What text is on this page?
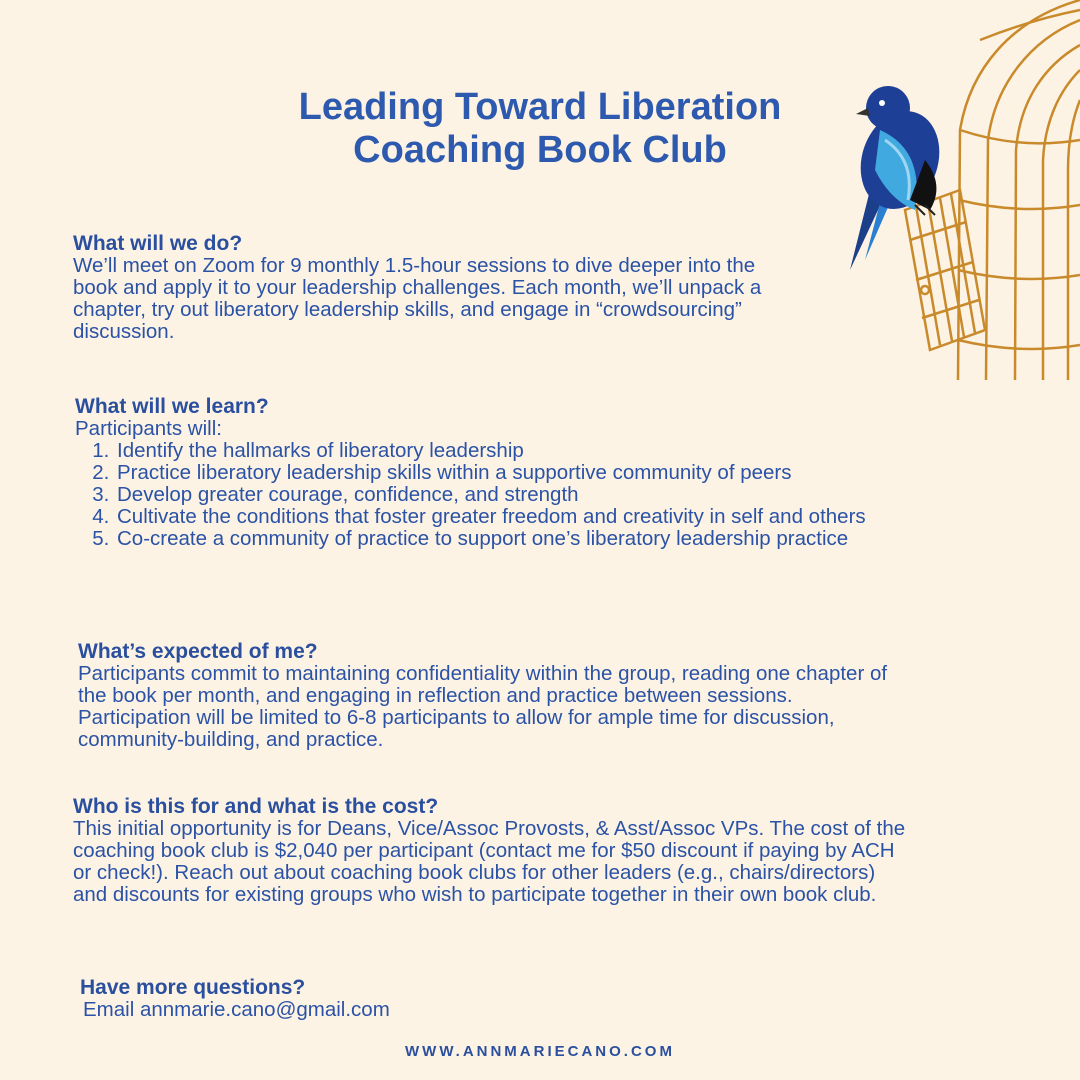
Leading Toward Liberation
Coaching Book Club
What will we do?

We’ll meet on Zoom for 9 monthly 1.5-hour sessions to dive deeper into the book and apply it to your leadership challenges. Each month, we’ll unpack a chapter, try out liberatory leadership skills, and engage in “crowdsourcing” discussion.

What will we learn?

Participants will:

1. Identify the hallmarks of liberatory leadership
2. Practice liberatory leadership skills within a supportive community of peers
3. Develop greater courage, confidence, and strength
4. Cultivate the conditions that foster greater freedom and creativity in self and others
5. Co-create a community of practice to support one’s liberatory leadership practice
What’s expected of me?

Participants commit to maintaining confidentiality within the group, reading one chapter of the book per month, and engaging in reflection and practice between sessions. Participation will be limited to 6-8 participants to allow for ample time for discussion, community-building, and practice.

Who is this for and what is the cost?

This initial opportunity is for Deans, Vice/Assoc Provosts, & Asst/Assoc VPs. The cost of the coaching book club is $2,040 per participant (contact me for $50 discount if paying by ACH or check!). Reach out about coaching book clubs for other leaders (e.g., chairs/directors) and discounts for existing groups who wish to participate together in their own book club.

Have more questions?

Email annmarie.cano@gmail.com

WWW.ANNMARIECANO.COM
